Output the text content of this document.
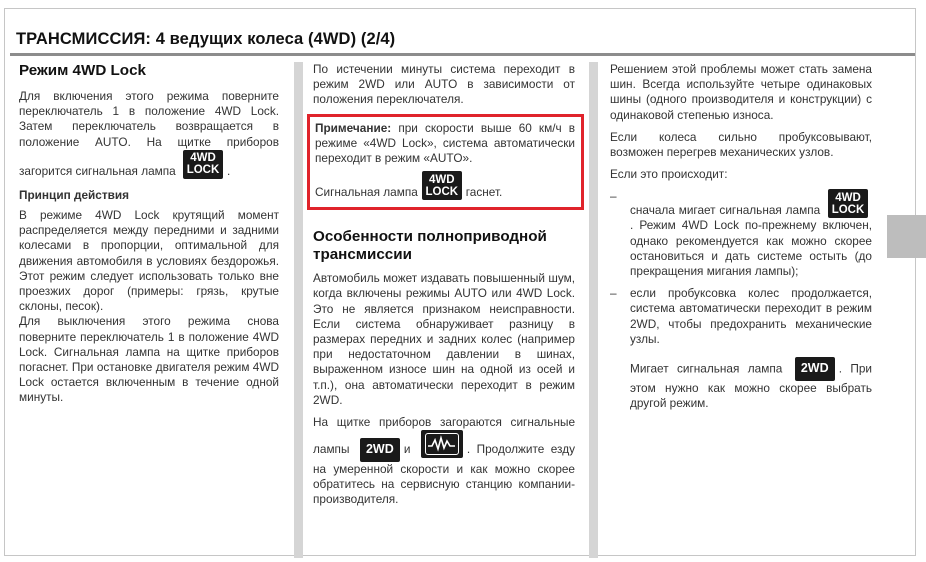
ТРАНСМИССИЯ: 4 ведущих колеса (4WD) (2/4)
Режим 4WD Lock

Для включения этого режима поверните переключатель 1 в положение 4WD Lock. Затем переключатель возвращается в положение AUTO. На щитке приборов загорится сигнальная лампа
4WD
LOCK .

Принцип действия

В режиме 4WD Lock крутящий момент распределяется между передними и задними колесами в пропорции, оптимальной для движения автомобиля в условиях бездорожья. Этот режим следует использовать только вне проезжих дорог (примеры: грязь, крутые склоны, песок).

Для выключения этого режима снова поверните переключатель 1 в положение 4WD Lock. Сигнальная лампа на щитке приборов погаснет. При остановке двигателя режим 4WD Lock остается включенным в течение одной минуты.

По истечении минуты система переходит в режим 2WD или AUTO в зависимости от положения переключателя.

Примечание: при скорости выше 60 км/ч в режиме «4WD Lock», система автоматически переходит в режим «AUTO».

Сигнальная лампа
4WD
LOCK гаснет.
Особенности полноприводной трансмиссии

Автомобиль может издавать повышенный шум, когда включены режимы AUTO или 4WD Lock. Это не является признаком неисправности. Если система обнаруживает разницу в размерах передних и задних колес (например при недостаточном давлении в шинах, выраженном износе шин на одной из осей и т.п.), она автоматически переходит в режим 2WD.

На щитке приборов загораются сигнальные лампы 2WD и	. Продолжите езду на умеренной скорости и как можно скорее обратитесь на сервисную станцию компании-производителя.

Решением этой проблемы может стать замена шин. Всегда используйте четыре одинаковых шины (одного производителя и конструкции) с одинаковой степенью износа.

Если колеса сильно пробуксовывают, возможен перегрев механических узлов.

Если это происходит:

–
сначала мигает сигнальная лампа
4WD
LOCK
. Режим 4WD Lock по-прежнему включен, однако рекомендуется как можно скорее остановиться и дать системе остыть (до прекращения мигания лампы);
–	если пробуксовка колес продолжается, система автоматически переходит в режим 2WD, чтобы предохранить механические узлы.

Мигает сигнальная лампа 2WD . При этом нужно как можно скорее выбрать другой режим.
